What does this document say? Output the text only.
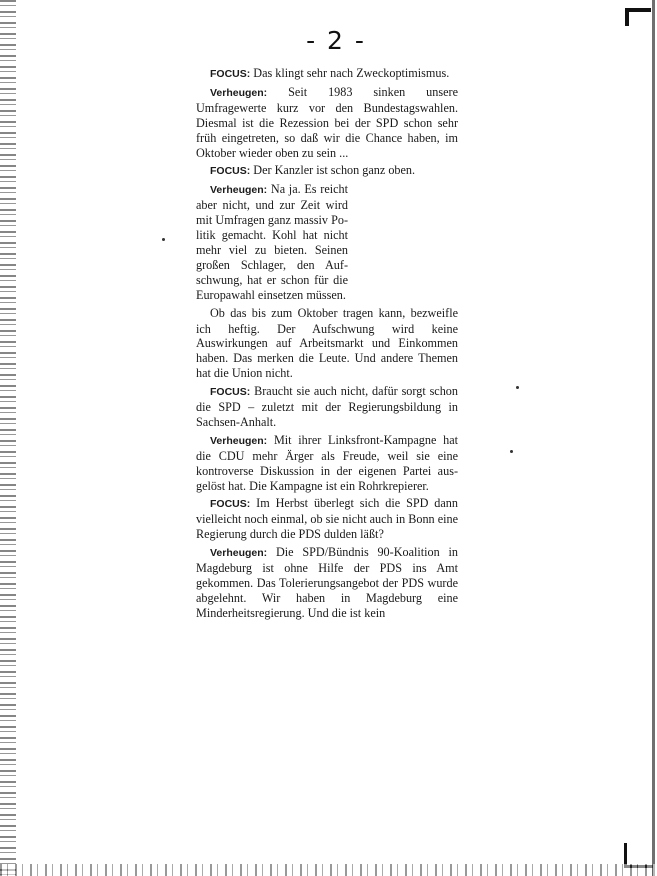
- 2 -

FOCUS: Das klingt sehr nach Zweckoptimismus.

Verheugen: Seit 1983 sinken unsere Umfragewerte kurz vor den Bundestagswahlen. Diesmal ist die Rezession bei der SPD schon sehr früh eingetreten, so daß wir die Chance haben, im Oktober wieder oben zu sein ...

FOCUS: Der Kanzler ist schon ganz oben.

Verheugen: Na ja. Es reicht aber nicht, und zur Zeit wird mit Umfragen ganz massiv Politik gemacht. Kohl hat nicht mehr viel zu bieten. Seinen großen Schlager, den Aufschwung, hat er schon für die Europawahl einsetzen müssen.

Ob das bis zum Oktober tragen kann, bezweifle ich heftig. Der Aufschwung wird keine Auswirkungen auf Arbeitsmarkt und Einkommen haben. Das merken die Leute. Und andere Themen hat die Union nicht.

FOCUS: Braucht sie auch nicht, dafür sorgt schon die SPD – zuletzt mit der Regierungsbildung in Sachsen-Anhalt.

Verheugen: Mit ihrer Linksfront-Kampagne hat die CDU mehr Ärger als Freude, weil sie eine kontroverse Diskussion in der eigenen Partei ausgelöst hat. Die Kampagne ist ein Rohrkrepierer.

FOCUS: Im Herbst überlegt sich die SPD dann vielleicht noch einmal, ob sie nicht auch in Bonn eine Regierung durch die PDS dulden läßt?

Verheugen: Die SPD/Bündnis 90-Koalition in Magdeburg ist ohne Hilfe der PDS ins Amt gekommen. Das Tolerierungsangebot der PDS wurde abgelehnt. Wir haben in Magdeburg eine Minderheitsregierung. Und die ist kein
